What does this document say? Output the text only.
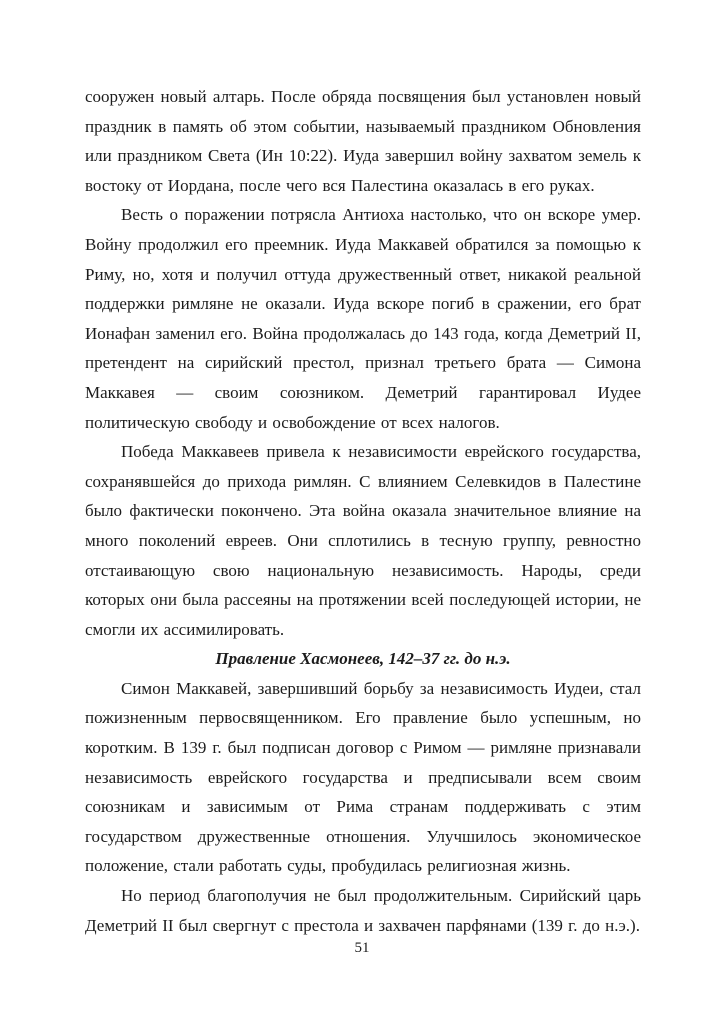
сооружен новый алтарь. После обряда посвящения был установлен новый праздник в память об этом событии, называемый праздником Обновления или праздником Света (Ин 10:22). Иуда завершил войну захватом земель к востоку от Иордана, после чего вся Палестина оказалась в его руках.

Весть о поражении потрясла Антиоха настолько, что он вскоре умер. Войну продолжил его преемник. Иуда Маккавей обратился за помощью к Риму, но, хотя и получил оттуда дружественный ответ, никакой реальной поддержки римляне не оказали. Иуда вскоре погиб в сражении, его брат Ионафан заменил его. Война продолжалась до 143 года, когда Деметрий II, претендент на сирийский престол, признал третьего брата — Симона Маккавея — своим союзником. Деметрий гарантировал Иудее политическую свободу и освобождение от всех налогов.

Победа Маккавеев привела к независимости еврейского государства, сохранявшейся до прихода римлян. С влиянием Селевкидов в Палестине было фактически покончено. Эта война оказала значительное влияние на много поколений евреев. Они сплотились в тесную группу, ревностно отстаивающую свою национальную независимость. Народы, среди которых они была рассеяны на протяжении всей последующей истории, не смогли их ассимилировать.

Правление Хасмонеев, 142–37 гг. до н.э.

Симон Маккавей, завершивший борьбу за независимость Иудеи, стал пожизненным первосвященником. Его правление было успешным, но коротким. В 139 г. был подписан договор с Римом — римляне признавали независимость еврейского государства и предписывали всем своим союзникам и зависимым от Рима странам поддерживать с этим государством дружественные отношения. Улучшилось экономическое положение, стали работать суды, пробудилась религиозная жизнь.

Но период благополучия не был продолжительным. Сирийский царь Деметрий II был свергнут с престола и захвачен парфянами (139 г. до н.э.).

51
